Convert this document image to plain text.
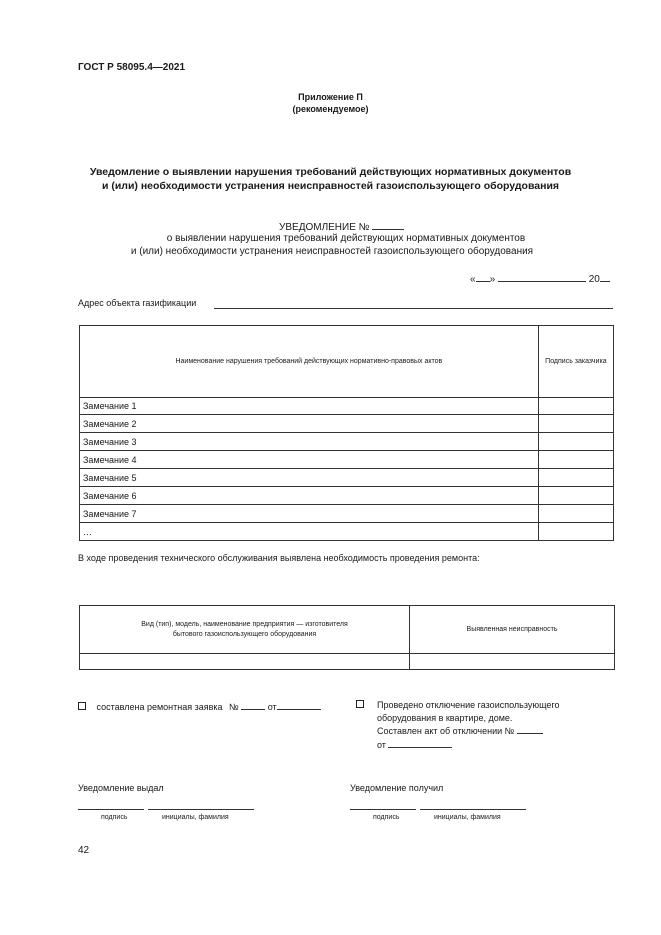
ГОСТ Р 58095.4—2021
Приложение П
(рекомендуемое)
Уведомление о выявлении нарушения требований действующих нормативных документов
и (или) необходимости устранения неисправностей газоиспользующего оборудования
УВЕДОМЛЕНИЕ №
о выявлении нарушения требований действующих нормативных документов
и (или) необходимости устранения неисправностей газоиспользующего оборудования
« »	20
Адрес объекта газификации
Наименование нарушения требований действующих нормативно-правовых актов	Подпись заказчика
Замечание 1	
Замечание 2	
Замечание 3	
Замечание 4	
Замечание 5	
Замечание 6	
Замечание 7	
…	
В ходе проведения технического обслуживания выявлена необходимость проведения ремонта:
Вид (тип), модель, наименование предприятия — изготовителя бытового газоиспользующего оборудования	Выявленная неисправность

составлена ремонтная заявка №	от	Проведено отключение газоиспользующего
оборудования в квартире, доме.
Составлен акт об отключении №
от
Уведомление выдал
подпись	инициалы, фамилия
Уведомление получил
подпись	инициалы, фамилия
42
